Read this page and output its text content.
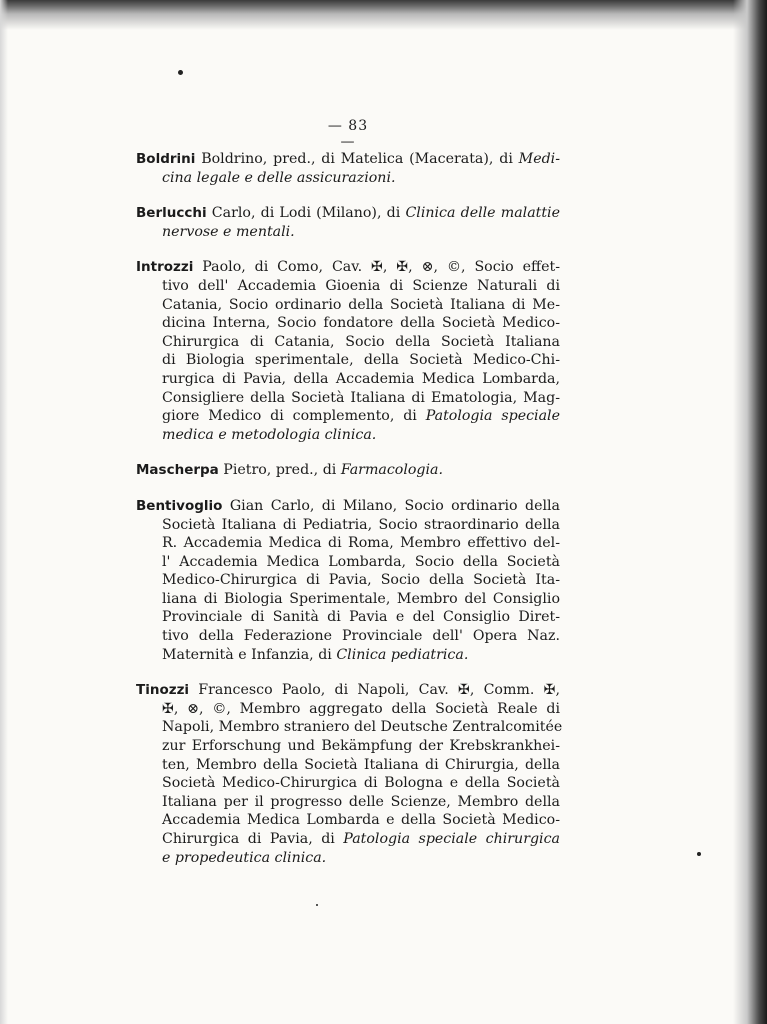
— 83 —
Boldrini Boldrino, pred., di Matelica (Macerata), di Medi-
cina legale e delle assicurazioni.
Berlucchi Carlo, di Lodi (Milano), di Clinica delle malattie
nervose e mentali.
Introzzi Paolo, di Como, Cav. ✠, ✠, ⊗, ©, Socio effet-
tivo dell' Accademia Gioenia di Scienze Naturali di
Catania, Socio ordinario della Società Italiana di Me-
dicina Interna, Socio fondatore della Società Medico-
Chirurgica di Catania, Socio della Società Italiana
di Biologia sperimentale, della Società Medico-Chi-
rurgica di Pavia, della Accademia Medica Lombarda,
Consigliere della Società Italiana di Ematologia, Mag-
giore Medico di complemento, di Patologia speciale
medica e metodologia clinica.
Mascherpa Pietro, pred., di Farmacologia.
Bentivoglio Gian Carlo, di Milano, Socio ordinario della
Società Italiana di Pediatria, Socio straordinario della
R. Accademia Medica di Roma, Membro effettivo del-
l' Accademia Medica Lombarda, Socio della Società
Medico-Chirurgica di Pavia, Socio della Società Ita-
liana di Biologia Sperimentale, Membro del Consiglio
Provinciale di Sanità di Pavia e del Consiglio Diret-
tivo della Federazione Provinciale dell' Opera Naz.
Maternità e Infanzia, di Clinica pediatrica.
Tinozzi Francesco Paolo, di Napoli, Cav. ✠, Comm. ✠,
✠, ⊗, ©, Membro aggregato della Società Reale di
Napoli, Membro straniero del Deutsche Zentralcomitée
zur Erforschung und Bekämpfung der Krebskrankhei-
ten, Membro della Società Italiana di Chirurgia, della
Società Medico-Chirurgica di Bologna e della Società
Italiana per il progresso delle Scienze, Membro della
Accademia Medica Lombarda e della Società Medico-
Chirurgica di Pavia, di Patologia speciale chirurgica
e propedeutica clinica.
